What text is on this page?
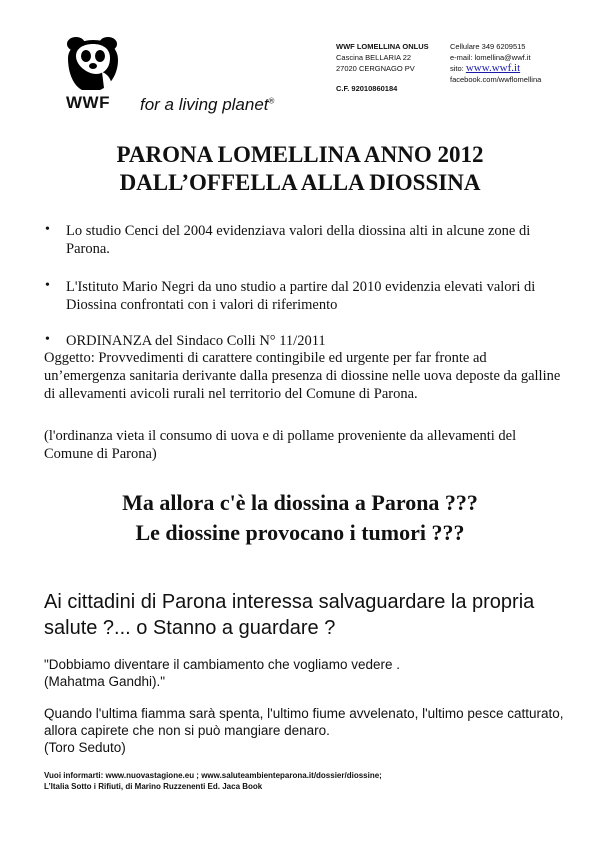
WWF for a living planet®
WWF LOMELLINA ONLUS
Cascina BELLARIA 22
27020 CERGNAGO PV
C.F. 92010860184
Cellulare 349 6209515
e-mail: lomellina@wwf.it
sito: www.wwf.it
facebook.com/wwflomellina
PARONA LOMELLINA ANNO 2012
DALL’OFFELLA ALLA DIOSSINA
• Lo studio Cenci del 2004 evidenziava valori della diossina alti in alcune zone di Parona.
• L'Istituto Mario Negri da uno studio a partire dal 2010 evidenzia elevati valori di Diossina confrontati con i valori di riferimento
• ORDINANZA del Sindaco Colli N° 11/2011
Oggetto: Provvedimenti di carattere contingibile ed urgente per far fronte ad un’emergenza sanitaria derivante dalla presenza di diossine nelle uova deposte da galline di allevamenti avicoli rurali nel territorio del Comune di Parona.
(l'ordinanza vieta il consumo di uova e di pollame proveniente da allevamenti del Comune di Parona)
Ma allora c'è la diossina a Parona ???
Le diossine provocano i tumori ???
Ai cittadini di Parona interessa salvaguardare la propria salute ?... o Stanno a guardare ?
"Dobbiamo diventare il cambiamento che vogliamo vedere .
(Mahatma Gandhi)."
Quando l'ultima fiamma sarà spenta, l'ultimo fiume avvelenato, l'ultimo pesce catturato, allora capirete che non si può mangiare denaro.
(Toro Seduto)
Vuoi informarti: www.nuovastagione.eu ; www.saluteambienteparona.it/dossier/diossine;
L’Italia Sotto i Rifiuti, di Marino Ruzzenenti Ed. Jaca Book
